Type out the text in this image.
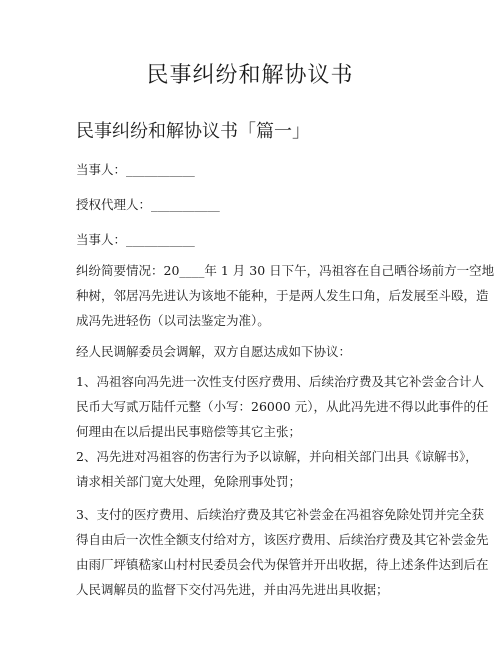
民事纠纷和解协议书
民事纠纷和解协议书「篇一」

当事人：___________

授权代理人：___________

当事人：___________

纠纷简要情况：20____年 1 月 30 日下午，冯祖容在自己晒谷场前方一空地
种树，邻居冯先进认为该地不能种，于是两人发生口角，后发展至斗殴，造
成冯先进轻伤（以司法鉴定为准）。

经人民调解委员会调解，双方自愿达成如下协议：

1、冯祖容向冯先进一次性支付医疗费用、后续治疗费及其它补尝金合计人
民币大写贰万陆仟元整（小写：26000 元），从此冯先进不得以此事件的任
何理由在以后提出民事赔偿等其它主张；
2、冯先进对冯祖容的伤害行为予以谅解，并向相关部门出具《谅解书》，
请求相关部门宽大处理，免除刑事处罚；
3、支付的医疗费用、后续治疗费及其它补尝金在冯祖容免除处罚并完全获
得自由后一次性全额支付给对方，该医疗费用、后续治疗费及其它补尝金先
由雨厂坪镇嵇家山村村民委员会代为保管并开出收据，待上述条件达到后在
人民调解员的监督下交付冯先进，并由冯先进出具收据；
